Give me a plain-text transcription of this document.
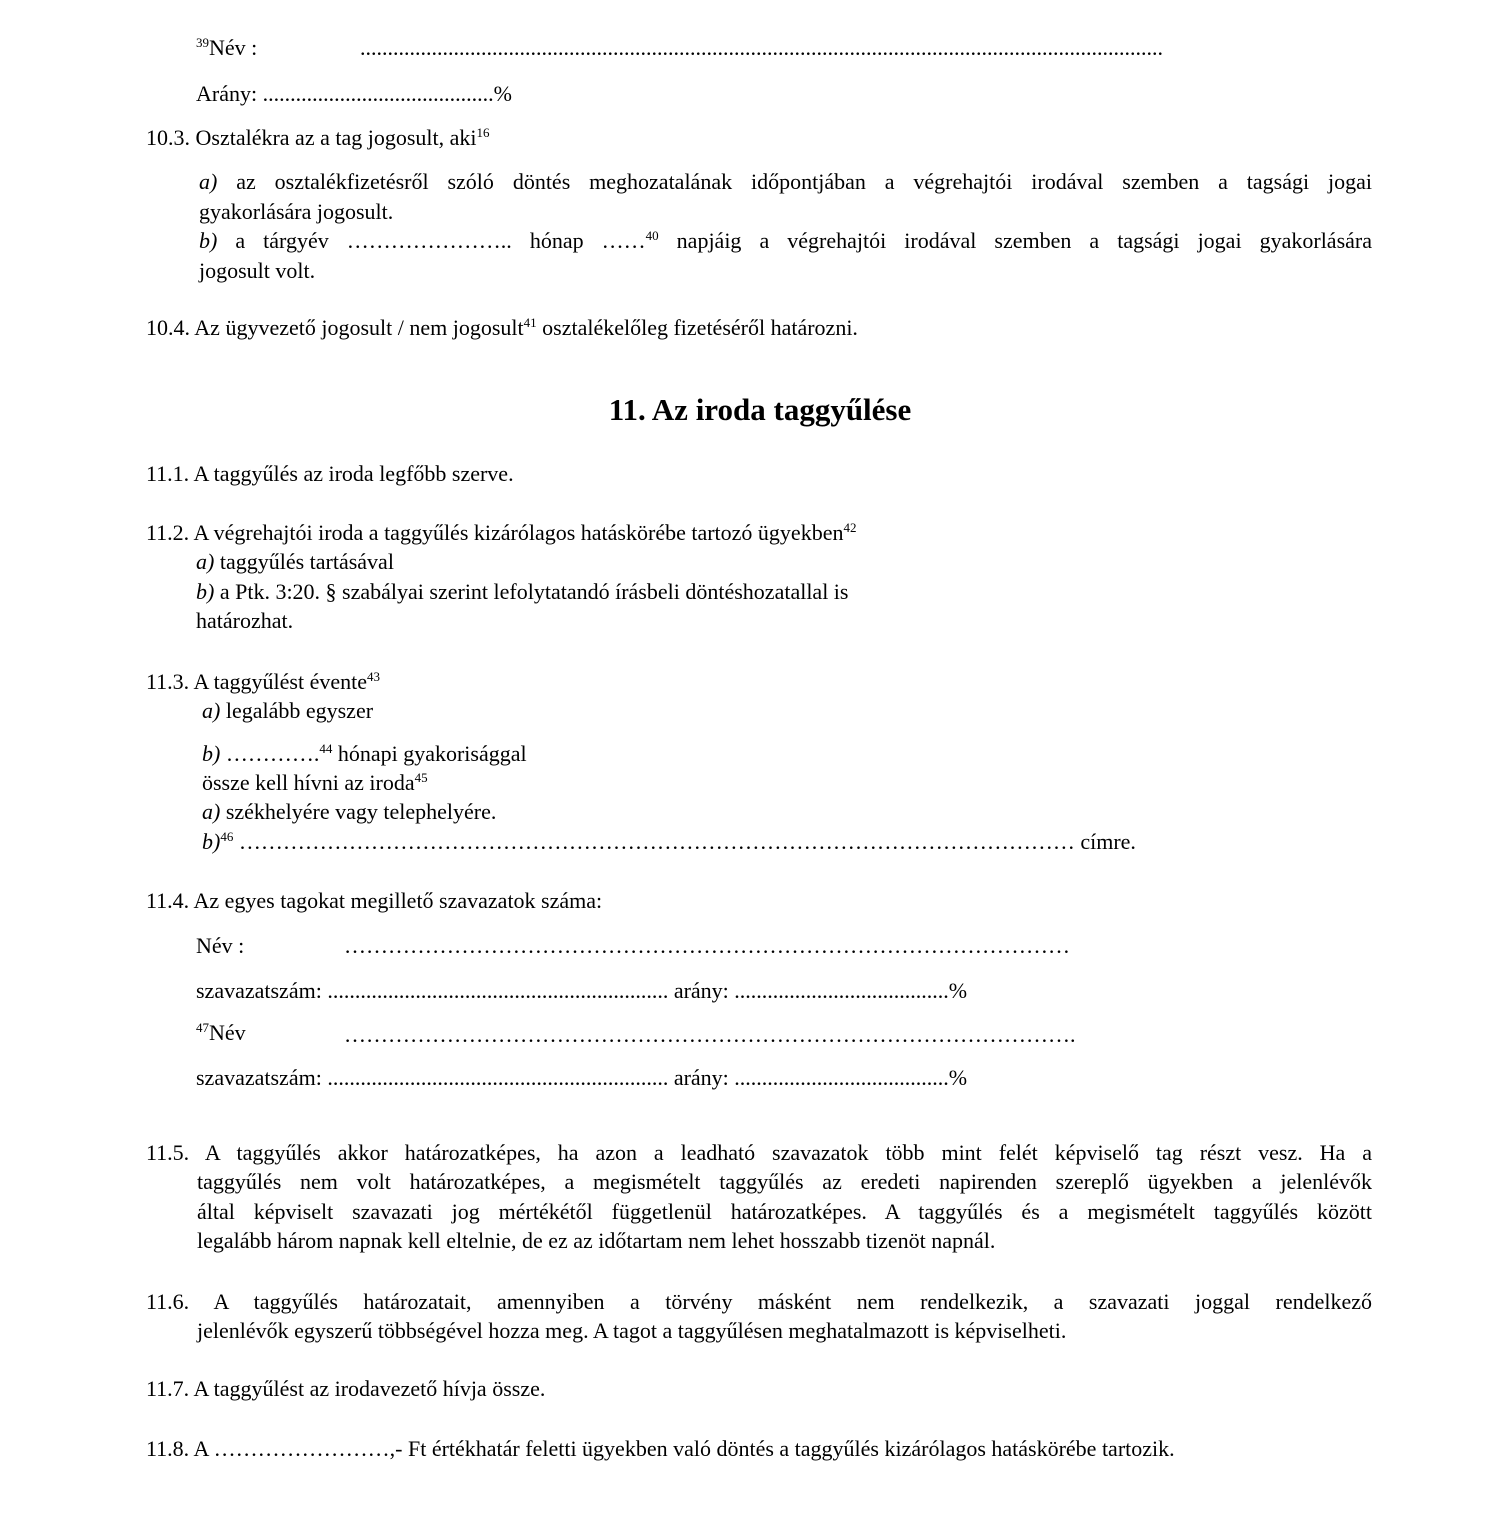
$^{39}$Név :	..................................................................................................................................................
Arány: ..........................................%
10.3. Osztalékra az a tag jogosult, aki$^{16}$
a) az osztalékfizetésről szóló döntés meghozatalának időpontjában a végrehajtói irodával szemben a tagsági jogai
gyakorlására jogosult.
b) a tárgyév ………………….. hónap ……$^{40}$ napjáig a végrehajtói irodával szemben a tagsági jogai gyakorlására
jogosult volt.
10.4. Az ügyvezető jogosult / nem jogosult$^{41}$ osztalékelőleg fizetéséről határozni.
11. Az iroda taggyűlése
11.1. A taggyűlés az iroda legfőbb szerve.
11.2. A végrehajtói iroda a taggyűlés kizárólagos hatáskörébe tartozó ügyekben$^{42}$
a) taggyűlés tartásával
b) a Ptk. 3:20. § szabályai szerint lefolytatandó írásbeli döntéshozatallal is
határozhat.
11.3. A taggyűlést évente$^{43}$
a) legalább egyszer
b) ………….$^{44}$ hónapi gyakorisággal
össze kell hívni az iroda$^{45}$
a) székhelyére vagy telephelyére.
b)$^{46}$ …………………………………………………………………………………………………… címre.
11.4. Az egyes tagokat megillető szavazatok száma:
Név :	………………………………………………………………………………………
szavazatszám: .............................................................. arány: .......................................%
$^{47}$Név	……………………………………………………………………………………….
szavazatszám: .............................................................. arány: .......................................%
11.5. A taggyűlés akkor határozatképes, ha azon a leadható szavazatok több mint felét képviselő tag részt vesz. Ha a
taggyűlés nem volt határozatképes, a megismételt taggyűlés az eredeti napirenden szereplő ügyekben a jelenlévők
által képviselt szavazati jog mértékétől függetlenül határozatképes. A taggyűlés és a megismételt taggyűlés között
legalább három napnak kell eltelnie, de ez az időtartam nem lehet hosszabb tizenöt napnál.
11.6. A taggyűlés határozatait, amennyiben a törvény másként nem rendelkezik, a szavazati joggal rendelkező
jelenlévők egyszerű többségével hozza meg. A tagot a taggyűlésen meghatalmazott is képviselheti.
11.7. A taggyűlést az irodavezető hívja össze.
11.8. A ……………………,- Ft értékhatár feletti ügyekben való döntés a taggyűlés kizárólagos hatáskörébe tartozik.
